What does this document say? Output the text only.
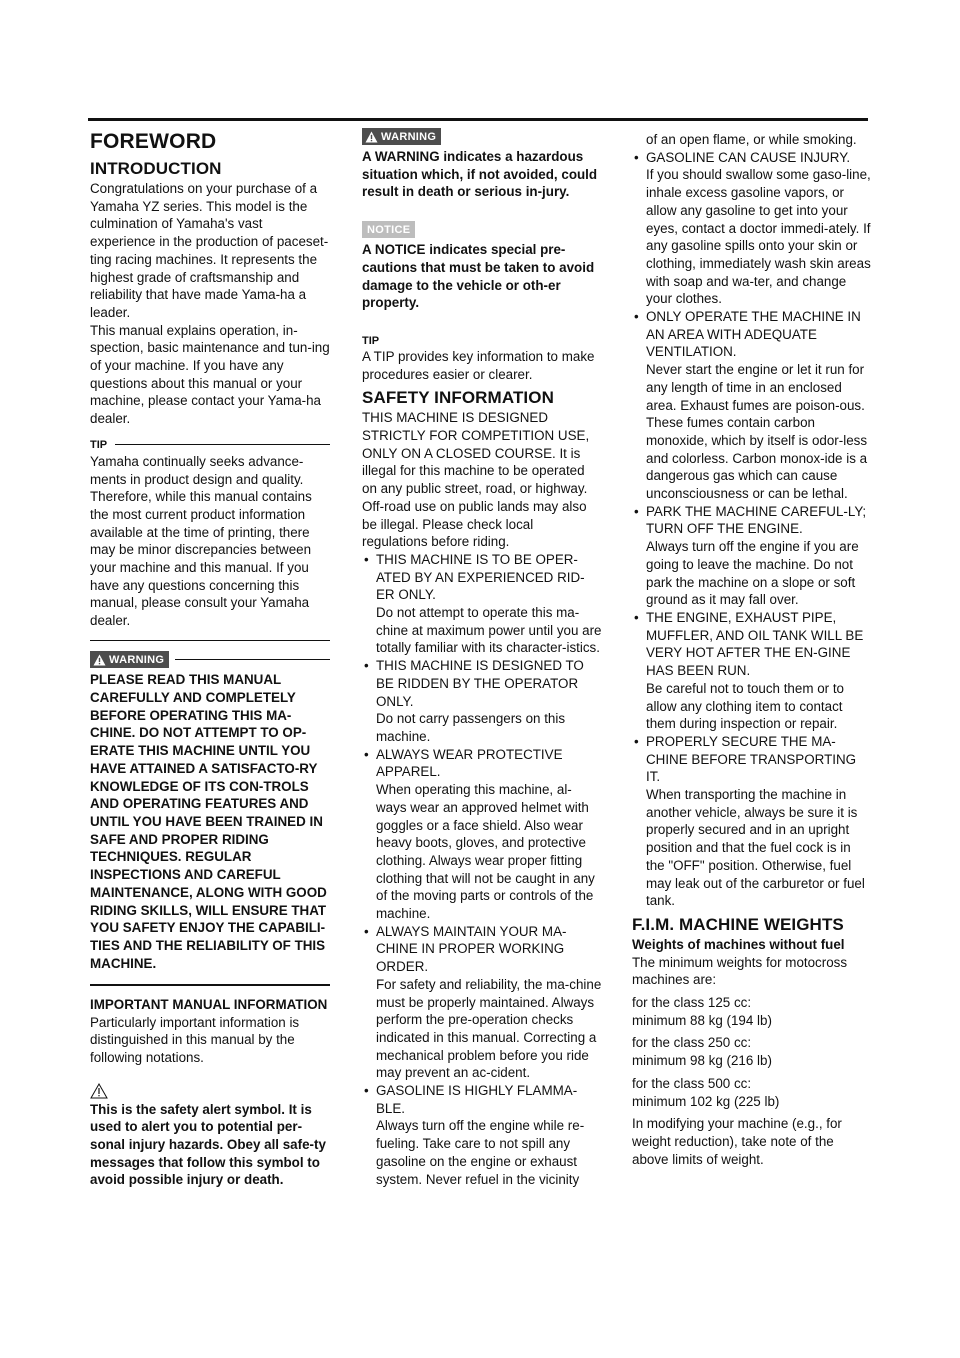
FOREWORD
INTRODUCTION

Congratulations on your purchase of a Yamaha YZ series. This model is the culmination of Yamaha's vast experience in the production of paceset-ting racing machines. It represents the highest grade of craftsmanship and reliability that have made Yama-ha a leader.

This manual explains operation, in-spection, basic maintenance and tun-ing of your machine. If you have any questions about this manual or your machine, please contact your Yama-ha dealer.

TIP

Yamaha continually seeks advance-ments in product design and quality. Therefore, while this manual contains the most current product information available at the time of printing, there may be minor discrepancies between your machine and this manual. If you have any questions concerning this manual, please consult your Yamaha dealer.

WARNING

PLEASE READ THIS MANUAL CAREFULLY AND COMPLETELY BEFORE OPERATING THIS MA-CHINE. DO NOT ATTEMPT TO OP-ERATE THIS MACHINE UNTIL YOU HAVE ATTAINED A SATISFACTO-RY KNOWLEDGE OF ITS CON-TROLS AND OPERATING FEATURES AND UNTIL YOU HAVE BEEN TRAINED IN SAFE AND PROPER RIDING TECHNIQUES. REGULAR INSPECTIONS AND CAREFUL MAINTENANCE, ALONG WITH GOOD RIDING SKILLS, WILL ENSURE THAT YOU SAFETY ENJOY THE CAPABILI-TIES AND THE RELIABILITY OF THIS MACHINE.

IMPORTANT MANUAL INFORMATION

Particularly important information is distinguished in this manual by the following notations.

This is the safety alert symbol. It is used to alert you to potential per-sonal injury hazards. Obey all safe-ty messages that follow this symbol to avoid possible injury or death.

WARNING

A WARNING indicates a hazardous situation which, if not avoided, could result in death or serious in-jury.

NOTICE

A NOTICE indicates special pre-cautions that must be taken to avoid damage to the vehicle or oth-er property.

TIP

A TIP provides key information to make procedures easier or clearer.

SAFETY INFORMATION

THIS MACHINE IS DESIGNED STRICTLY FOR COMPETITION USE, ONLY ON A CLOSED COURSE. It is illegal for this machine to be operated on any public street, road, or highway. Off-road use on public lands may also be illegal. Please check local regulations before riding.

• THIS MACHINE IS TO BE OPER-ATED BY AN EXPERIENCED RID-ER ONLY.
Do not attempt to operate this ma-chine at maximum power until you are totally familiar with its character-istics.
• THIS MACHINE IS DESIGNED TO BE RIDDEN BY THE OPERATOR ONLY.
Do not carry passengers on this machine.
• ALWAYS WEAR PROTECTIVE APPAREL.
When operating this machine, al-ways wear an approved helmet with goggles or a face shield. Also wear heavy boots, gloves, and protective clothing. Always wear proper fitting clothing that will not be caught in any of the moving parts or controls of the machine.
• ALWAYS MAINTAIN YOUR MA-CHINE IN PROPER WORKING ORDER.
For safety and reliability, the ma-chine must be properly maintained. Always perform the pre-operation checks indicated in this manual. Correcting a mechanical problem before you ride may prevent an ac-cident.
• GASOLINE IS HIGHLY FLAMMA-BLE.
Always turn off the engine while re-fueling. Take care to not spill any gasoline on the engine or exhaust system. Never refuel in the vicinity

of an open flame, or while smoking.

• GASOLINE CAN CAUSE INJURY.
If you should swallow some gaso-line, inhale excess gasoline vapors, or allow any gasoline to get into your eyes, contact a doctor immedi-ately. If any gasoline spills onto your skin or clothing, immediately wash skin areas with soap and wa-ter, and change your clothes.
• ONLY OPERATE THE MACHINE IN AN AREA WITH ADEQUATE VENTILATION.
Never start the engine or let it run for any length of time in an enclosed area. Exhaust fumes are poison-ous. These fumes contain carbon monoxide, which by itself is odor-less and colorless. Carbon monox-ide is a dangerous gas which can cause unconsciousness or can be lethal.
• PARK THE MACHINE CAREFUL-LY; TURN OFF THE ENGINE.
Always turn off the engine if you are going to leave the machine. Do not park the machine on a slope or soft ground as it may fall over.
• THE ENGINE, EXHAUST PIPE, MUFFLER, AND OIL TANK WILL BE VERY HOT AFTER THE EN-GINE HAS BEEN RUN.
Be careful not to touch them or to allow any clothing item to contact them during inspection or repair.
• PROPERLY SECURE THE MA-CHINE BEFORE TRANSPORTING IT.
When transporting the machine in another vehicle, always be sure it is properly secured and in an upright position and that the fuel cock is in the "OFF" position. Otherwise, fuel may leak out of the carburetor or fuel tank.
F.I.M. MACHINE WEIGHTS

Weights of machines without fuel

The minimum weights for motocross machines are:

for the class 125 cc:

minimum 88 kg (194 lb)

for the class 250 cc:

minimum 98 kg (216 lb)

for the class 500 cc:

minimum 102 kg (225 lb)

In modifying your machine (e.g., for weight reduction), take note of the above limits of weight.
